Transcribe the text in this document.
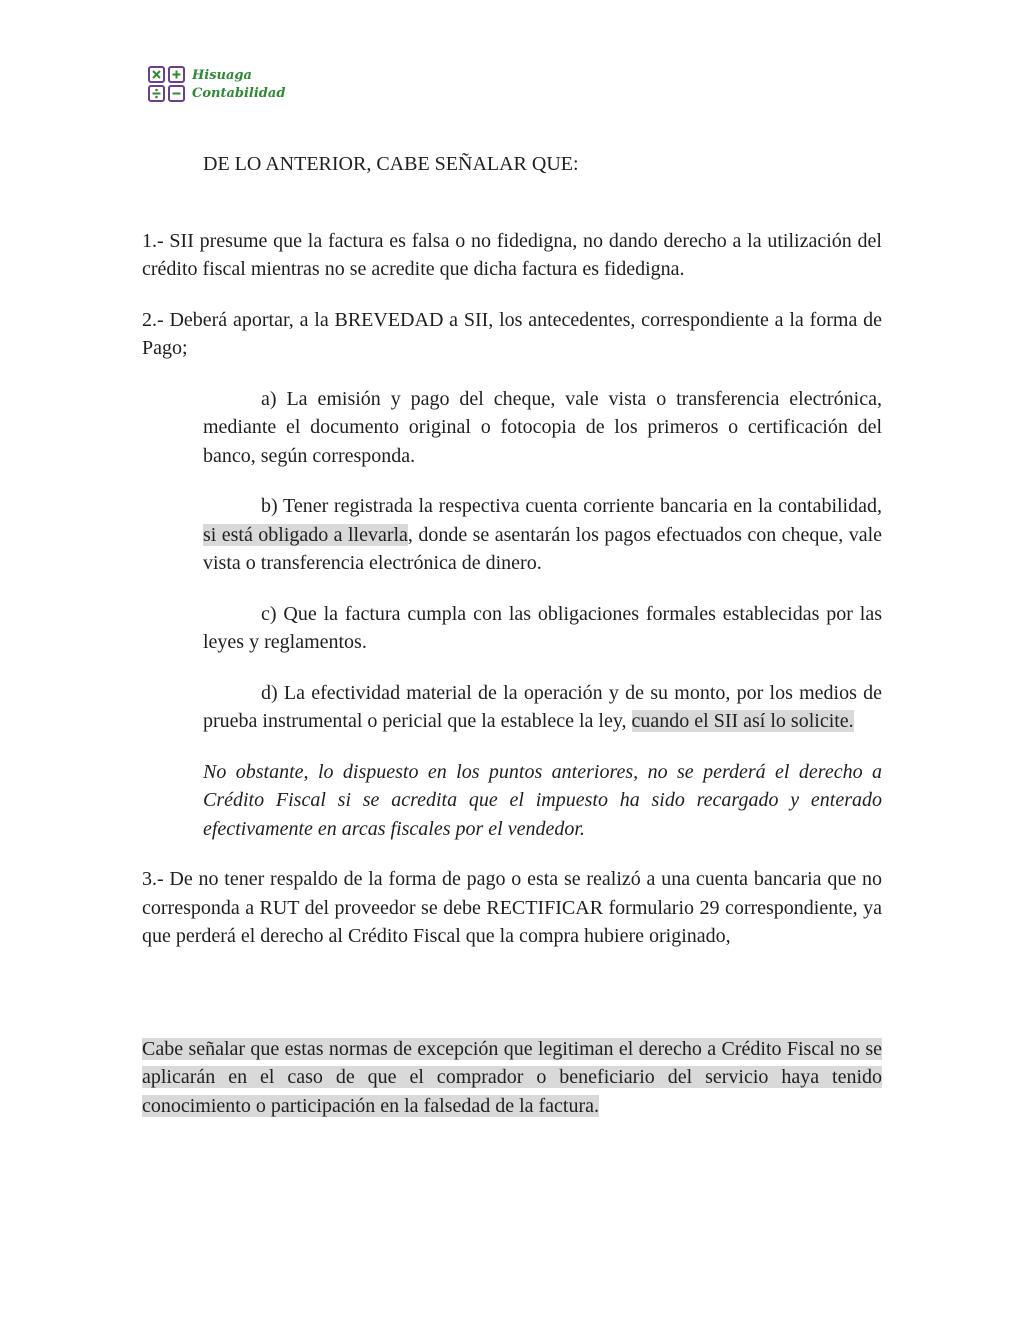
Hisuaga
Contabilidad
DE LO ANTERIOR, CABE SEÑALAR QUE:

1.- SII presume que la factura es falsa o no fidedigna, no dando derecho a la utilización del crédito fiscal mientras no se acredite que dicha factura es fidedigna.

2.- Deberá aportar, a la BREVEDAD a SII, los antecedentes, correspondiente a la forma de Pago;

a) La emisión y pago del cheque, vale vista o transferencia electrónica, mediante el documento original o fotocopia de los primeros o certificación del banco, según corresponda.

b) Tener registrada la respectiva cuenta corriente bancaria en la contabilidad, si está obligado a llevarla, donde se asentarán los pagos efectuados con cheque, vale vista o transferencia electrónica de dinero.

c) Que la factura cumpla con las obligaciones formales establecidas por las leyes y reglamentos.

d) La efectividad material de la operación y de su monto, por los medios de prueba instrumental o pericial que la establece la ley, cuando el SII así lo solicite.

No obstante, lo dispuesto en los puntos anteriores, no se perderá el derecho a Crédito Fiscal si se acredita que el impuesto ha sido recargado y enterado efectivamente en arcas fiscales por el vendedor.

3.- De no tener respaldo de la forma de pago o esta se realizó a una cuenta bancaria que no corresponda a RUT del proveedor se debe RECTIFICAR formulario 29 correspondiente, ya que perderá el derecho al Crédito Fiscal que la compra hubiere originado,

Cabe señalar que estas normas de excepción que legitiman el derecho a Crédito Fiscal no se aplicarán en el caso de que el comprador o beneficiario del servicio haya tenido conocimiento o participación en la falsedad de la factura.
